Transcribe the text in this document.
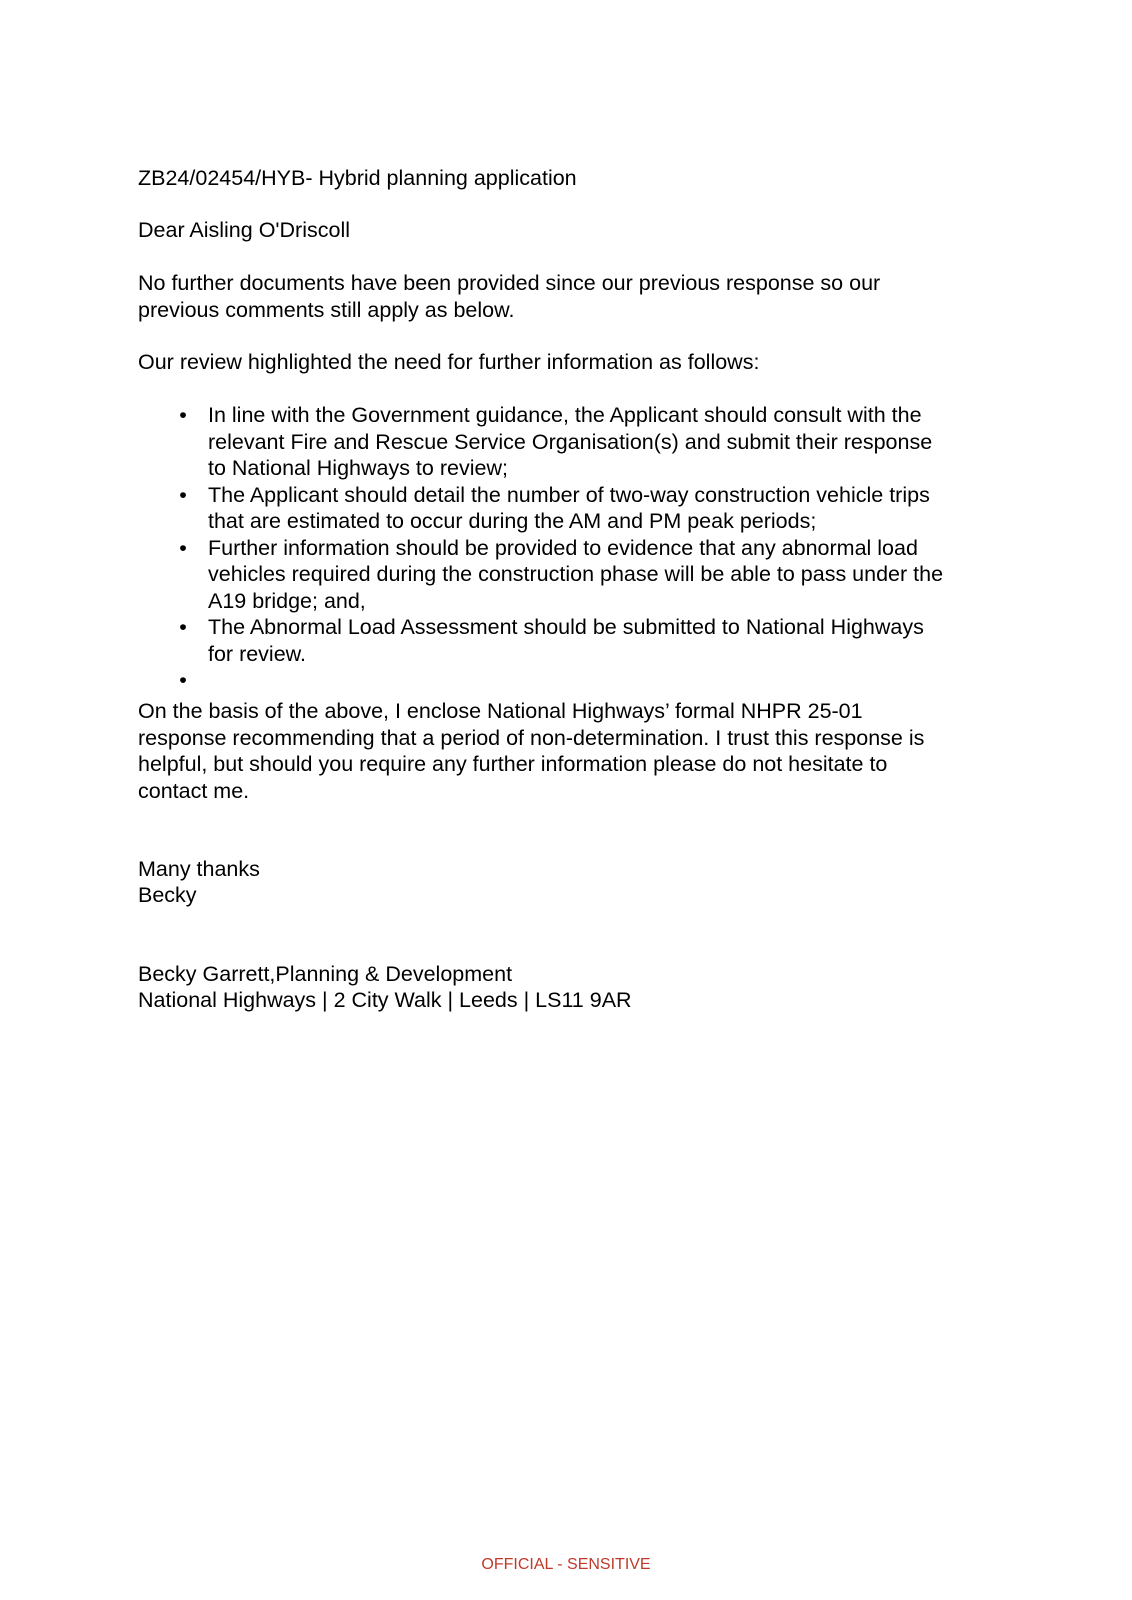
ZB24/02454/HYB- Hybrid planning application

Dear Aisling O'Driscoll

No further documents have been provided since our previous response so our
previous comments still apply as below.

Our review highlighted the need for further information as follows:

• In line with the Government guidance, the Applicant should consult with the
relevant Fire and Rescue Service Organisation(s) and submit their response
to National Highways to review;
• The Applicant should detail the number of two-way construction vehicle trips
that are estimated to occur during the AM and PM peak periods;
• Further information should be provided to evidence that any abnormal load
vehicles required during the construction phase will be able to pass under the
A19 bridge; and,
• The Abnormal Load Assessment should be submitted to National Highways
for review.
•

On the basis of the above, I enclose National Highways’ formal NHPR 25-01
response recommending that a period of non-determination. I trust this response is
helpful, but should you require any further information please do not hesitate to
contact me.

Many thanks

Becky

Becky Garrett,Planning & Development

National Highways | 2 City Walk | Leeds | LS11 9AR

OFFICIAL - SENSITIVE
